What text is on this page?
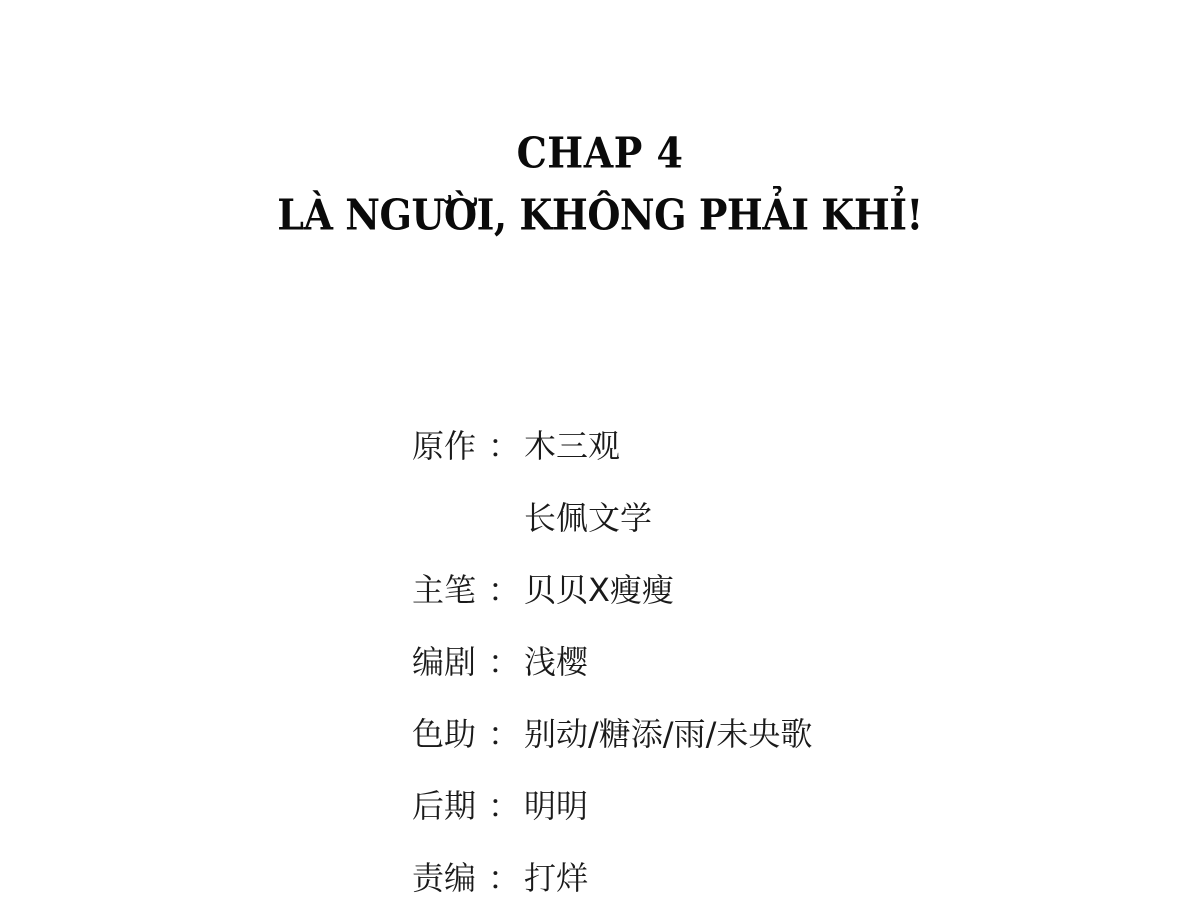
CHAP 4
LÀ NGƯỜI, KHÔNG PHẢI KHỈ!
原作 ： 木三观
长佩文学
主笔 ： 贝贝X瘦瘦
编剧 ： 浅樱
色助 ： 别动/糖添/雨/未央歌
后期 ： 明明
责编 ： 打烊
